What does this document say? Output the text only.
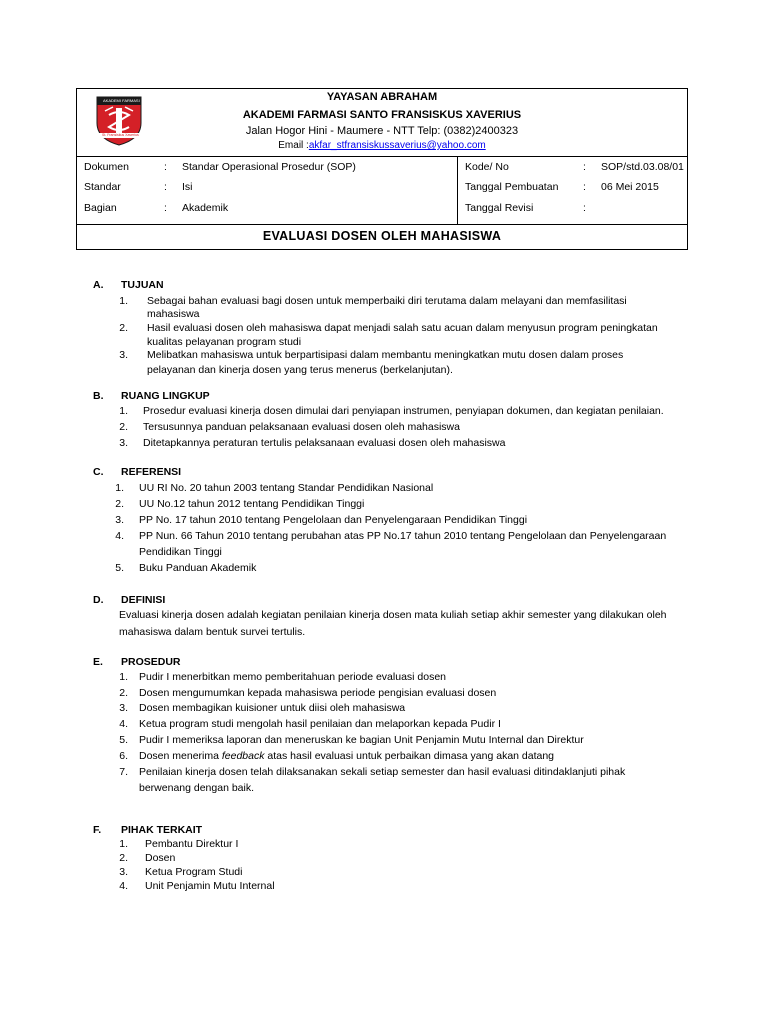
AKADEMI FARMASI
St. Fransiskus Xaverius
YAYASAN ABRAHAM
AKADEMI FARMASI SANTO FRANSISKUS XAVERIUS
Jalan Hogor Hini - Maumere - NTT Telp: (0382)2400323
Email :akfar_stfransiskussaverius@yahoo.com
Dokumen	: Standar Operasional Prosedur (SOP)
Standar	: Isi
Bagian	: Akademik
Kode/ No	: SOP/std.03.08/01
Tanggal Pembuatan : 06 Mei 2015
Tanggal Revisi	:
EVALUASI DOSEN OLEH MAHASISWA
A. TUJUAN
1. Sebagai bahan evaluasi bagi dosen untuk memperbaiki diri terutama dalam melayani dan memfasilitasi
mahasiswa
2. Hasil evaluasi dosen oleh mahasiswa dapat menjadi salah satu acuan dalam menyusun program peningkatan
kualitas pelayanan program studi
3. Melibatkan mahasiswa untuk berpartisipasi dalam membantu meningkatkan mutu dosen dalam proses
pelayanan dan kinerja dosen yang terus menerus (berkelanjutan).
B. RUANG LINGKUP
1. Prosedur evaluasi kinerja dosen dimulai dari penyiapan instrumen, penyiapan dokumen, dan kegiatan penilaian.
2. Tersusunnya panduan pelaksanaan evaluasi dosen oleh mahasiswa
3. Ditetapkannya peraturan tertulis pelaksanaan evaluasi dosen oleh mahasiswa
C. REFERENSI
1. UU RI No. 20 tahun 2003 tentang Standar Pendidikan Nasional
2. UU No.12 tahun 2012 tentang Pendidikan Tinggi
3. PP No. 17 tahun 2010 tentang Pengelolaan dan Penyelengaraan Pendidikan Tinggi
4. PP Nun. 66 Tahun 2010 tentang perubahan atas PP No.17 tahun 2010 tentang Pengelolaan dan Penyelengaraan
Pendidikan Tinggi
5. Buku Panduan Akademik
D. DEFINISI
Evaluasi kinerja dosen adalah kegiatan penilaian kinerja dosen mata kuliah setiap akhir semester yang dilakukan oleh
mahasiswa dalam bentuk survei tertulis.
E. PROSEDUR
1. Pudir I menerbitkan memo pemberitahuan periode evaluasi dosen
2. Dosen mengumumkan kepada mahasiswa periode pengisian evaluasi dosen
3. Dosen membagikan kuisioner untuk diisi oleh mahasiswa
4. Ketua program studi mengolah hasil penilaian dan melaporkan kepada Pudir I
5. Pudir I memeriksa laporan dan meneruskan ke bagian Unit Penjamin Mutu Internal dan Direktur
6. Dosen menerima feedback atas hasil evaluasi untuk perbaikan dimasa yang akan datang
7. Penilaian kinerja dosen telah dilaksanakan sekali setiap semester dan hasil evaluasi ditindaklanjuti pihak
berwenang dengan baik.
F. PIHAK TERKAIT
1. Pembantu Direktur I
2. Dosen
3. Ketua Program Studi
4. Unit Penjamin Mutu Internal
